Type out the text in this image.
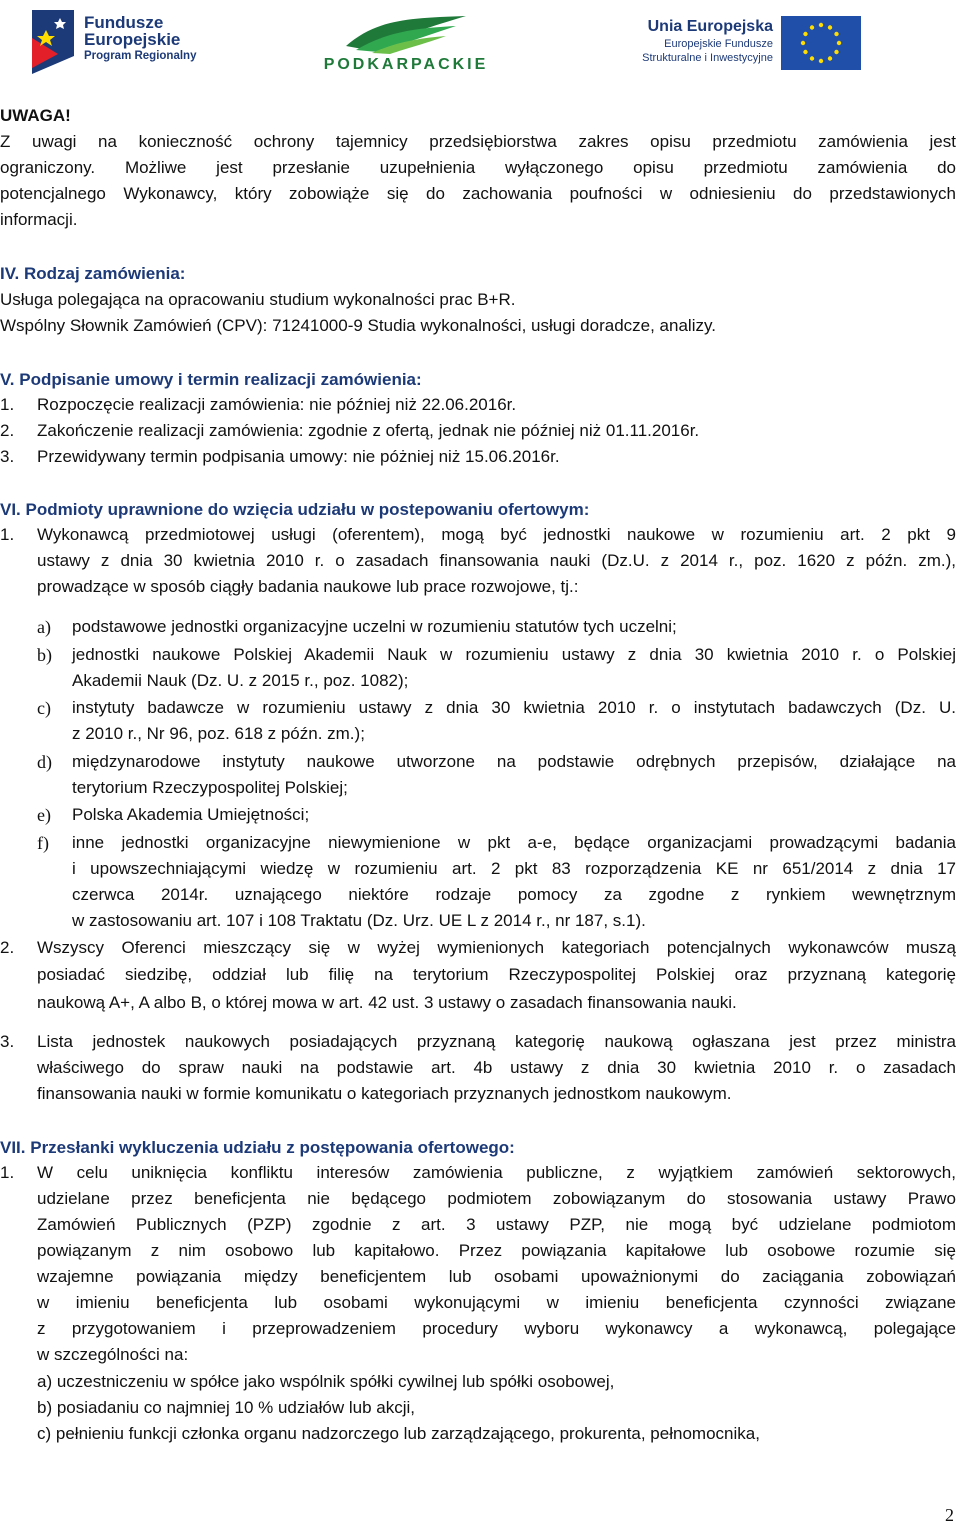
Fundusze
Europejskie
Program Regionalny	PODKARPACKIE
Unia Europejska
Europejskie Fundusze
Strukturalne i Inwestycyjne
UWAGA!
Z uwagi na konieczność ochrony tajemnicy przedsiębiorstwa zakres opisu przedmiotu zamówienia jest
ograniczony. Możliwe jest przesłanie uzupełnienia wyłączonego opisu przedmiotu zamówienia do
potencjalnego Wykonawcy, który zobowiąże się do zachowania poufności w odniesieniu do przedstawionych
informacji.
IV. Rodzaj zamówienia:
Usługa polegająca na opracowaniu studium wykonalności prac B+R.
Wspólny Słownik Zamówień (CPV): 71241000-9 Studia wykonalności, usługi doradcze, analizy.
V. Podpisanie umowy i termin realizacji zamówienia:
1. Rozpoczęcie realizacji zamówienia: nie później niż 22.06.2016r.
2. Zakończenie realizacji zamówienia: zgodnie z ofertą, jednak nie później niż 01.11.2016r.
3. Przewidywany termin podpisania umowy: nie póżniej niż 15.06.2016r.
VI. Podmioty uprawnione do wzięcia udziału w postepowaniu ofertowym:
1. Wykonawcą przedmiotowej usługi (oferentem), mogą być jednostki naukowe w rozumieniu art. 2 pkt 9
ustawy z dnia 30 kwietnia 2010 r. o zasadach finansowania nauki (Dz.U. z 2014 r., poz. 1620 z późn. zm.),
prowadzące w sposób ciągły badania naukowe lub prace rozwojowe, tj.:
a) podstawowe jednostki organizacyjne uczelni w rozumieniu statutów tych uczelni;
b) jednostki naukowe Polskiej Akademii Nauk w rozumieniu ustawy z dnia 30 kwietnia 2010 r. o Polskiej
Akademii Nauk (Dz. U. z 2015 r., poz. 1082);
c) instytuty badawcze w rozumieniu ustawy z dnia 30 kwietnia 2010 r. o instytutach badawczych (Dz. U.
z 2010 r., Nr 96, poz. 618 z późn. zm.);
d) międzynarodowe instytuty naukowe utworzone na podstawie odrębnych przepisów, działające na
terytorium Rzeczypospolitej Polskiej;
e) Polska Akademia Umiejętności;
f) inne jednostki organizacyjne niewymienione w pkt a-e, będące organizacjami prowadzącymi badania
i upowszechniającymi wiedzę w rozumieniu art. 2 pkt 83 rozporządzenia KE nr 651/2014 z dnia 17
czerwca 2014r. uznającego niektóre rodzaje pomocy za zgodne z rynkiem wewnętrznym
w zastosowaniu art. 107 i 108 Traktatu (Dz. Urz. UE L z 2014 r., nr 187, s.1).
2. Wszyscy Oferenci mieszczący się w wyżej wymienionych kategoriach potencjalnych wykonawców muszą
posiadać siedzibę, oddział lub filię na terytorium Rzeczypospolitej Polskiej oraz przyznaną kategorię
naukową A+, A albo B, o której mowa w art. 42 ust. 3 ustawy o zasadach finansowania nauki.
3. Lista jednostek naukowych posiadających przyznaną kategorię naukową ogłaszana jest przez ministra
właściwego do spraw nauki na podstawie art. 4b ustawy z dnia 30 kwietnia 2010 r. o zasadach
finansowania nauki w formie komunikatu o kategoriach przyznanych jednostkom naukowym.
VII. Przesłanki wykluczenia udziału z postępowania ofertowego:
1. W celu uniknięcia konfliktu interesów zamówienia publiczne, z wyjątkiem zamówień sektorowych,
udzielane przez beneficjenta nie będącego podmiotem zobowiązanym do stosowania ustawy Prawo
Zamówień Publicznych (PZP) zgodnie z art. 3 ustawy PZP, nie mogą być udzielane podmiotom
powiązanym z nim osobowo lub kapitałowo. Przez powiązania kapitałowe lub osobowe rozumie się
wzajemne powiązania między beneficjentem lub osobami upoważnionymi do zaciągania zobowiązań
w imieniu beneficjenta lub osobami wykonującymi w imieniu beneficjenta czynności związane
z przygotowaniem i przeprowadzeniem procedury wyboru wykonawcy a wykonawcą, polegające
w szczególności na:
a) uczestniczeniu w spółce jako wspólnik spółki cywilnej lub spółki osobowej,
b) posiadaniu co najmniej 10 % udziałów lub akcji,
c) pełnieniu funkcji członka organu nadzorczego lub zarządzającego, prokurenta, pełnomocnika,
2
